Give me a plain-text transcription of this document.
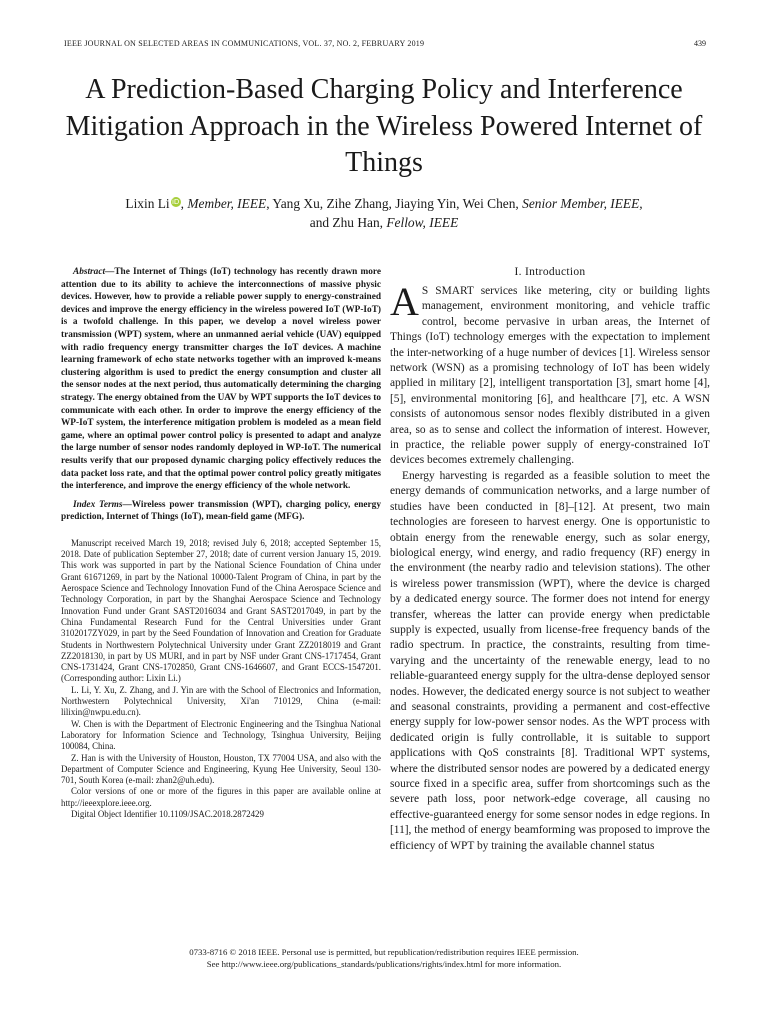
IEEE JOURNAL ON SELECTED AREAS IN COMMUNICATIONS, VOL. 37, NO. 2, FEBRUARY 2019	439
A Prediction-Based Charging Policy and Interference Mitigation Approach in the Wireless Powered Internet of Things
Lixin Li iD, Member, IEEE, Yang Xu, Zihe Zhang, Jiaying Yin, Wei Chen, Senior Member, IEEE,
and Zhu Han, Fellow, IEEE

Abstract—The Internet of Things (IoT) technology has recently drawn more attention due to its ability to achieve the interconnections of massive physic devices. However, how to provide a reliable power supply to energy-constrained devices and improve the energy efficiency in the wireless powered IoT (WP-IoT) is a twofold challenge. In this paper, we develop a novel wireless power transmission (WPT) system, where an unmanned aerial vehicle (UAV) equipped with radio frequency energy transmitter charges the IoT devices. A machine learning framework of echo state networks together with an improved k-means clustering algorithm is used to predict the energy consumption and cluster all the sensor nodes at the next period, thus automatically determining the charging strategy. The energy obtained from the UAV by WPT supports the IoT devices to communicate with each other. In order to improve the energy efficiency of the WP-IoT system, the interference mitigation problem is modeled as a mean field game, where an optimal power control policy is presented to adapt and analyze the large number of sensor nodes randomly deployed in WP-IoT. The numerical results verify that our proposed dynamic charging policy effectively reduces the data packet loss rate, and that the optimal power control policy greatly mitigates the interference, and improve the energy efficiency of the whole network.

Index Terms—Wireless power transmission (WPT), charging policy, energy prediction, Internet of Things (IoT), mean-field game (MFG).

Manuscript received March 19, 2018; revised July 6, 2018; accepted September 15, 2018. Date of publication September 27, 2018; date of current version January 15, 2019. This work was supported in part by the National Science Foundation of China under Grant 61671269, in part by the National 10000-Talent Program of China, in part by the Aerospace Science and Technology Innovation Fund of the China Aerospace Science and Technology Corporation, in part by the Shanghai Aerospace Science and Technology Innovation Fund under Grant SAST2016034 and Grant SAST2017049, in part by the China Fundamental Research Fund for the Central Universities under Grant 3102017ZY029, in part by the Seed Foundation of Innovation and Creation for Graduate Students in Northwestern Polytechnical University under Grant ZZ2018019 and Grant ZZ2018130, in part by US MURI, and in part by NSF under Grant CNS-1717454, Grant CNS-1731424, Grant CNS-1702850, Grant CNS-1646607, and Grant ECCS-1547201. (Corresponding author: Lixin Li.)

L. Li, Y. Xu, Z. Zhang, and J. Yin are with the School of Electronics and Information, Northwestern Polytechnical University, Xi'an 710129, China (e-mail: lilixin@nwpu.edu.cn).

W. Chen is with the Department of Electronic Engineering and the Tsinghua National Laboratory for Information Science and Technology, Tsinghua University, Beijing 100084, China.

Z. Han is with the University of Houston, Houston, TX 77004 USA, and also with the Department of Computer Science and Engineering, Kyung Hee University, Seoul 130-701, South Korea (e-mail: zhan2@uh.edu).

Color versions of one or more of the figures in this paper are available online at http://ieeexplore.ieee.org.

Digital Object Identifier 10.1109/JSAC.2018.2872429

I. Introduction

A S SMART services like metering, city or building lights management, environment monitoring, and vehicle traffic control, become pervasive in urban areas, the Internet of Things (IoT) technology emerges with the expectation to implement the inter-networking of a huge number of devices [1]. Wireless sensor network (WSN) as a promising technology of IoT has been widely applied in military [2], intelligent transportation [3], smart home [4], [5], environmental monitoring [6], and healthcare [7], etc. A WSN consists of autonomous sensor nodes flexibly distributed in a given area, so as to sense and collect the information of interest. However, in practice, the reliable power supply of energy-constrained IoT devices becomes extremely challenging.

Energy harvesting is regarded as a feasible solution to meet the energy demands of communication networks, and a large number of studies have been conducted in [8]–[12]. At present, two main technologies are foreseen to harvest energy. One is opportunistic to obtain energy from the renewable energy, such as solar energy, biological energy, wind energy, and radio frequency (RF) energy in the environment (the nearby radio and television stations). The other is wireless power transmission (WPT), where the device is charged by a dedicated energy source. The former does not intend for energy transfer, whereas the latter can provide energy when predictable supply is expected, usually from license-free frequency bands of the radio spectrum. In practice, the constraints, resulting from time-varying and the uncertainty of the renewable energy, lead to no reliable-guaranteed energy supply for the ultra-dense deployed sensor nodes. However, the dedicated energy source is not subject to weather and seasonal constraints, providing a permanent and cost-effective energy supply for low-power sensor nodes. As the WPT process with dedicated origin is fully controllable, it is suitable to support applications with QoS constraints [8]. Traditional WPT systems, where the distributed sensor nodes are powered by a dedicated energy source fixed in a specific area, suffer from shortcomings such as the severe path loss, poor network-edge coverage, all causing no effective-guaranteed energy for some sensor nodes in edge regions. In [11], the method of energy beamforming was proposed to improve the efficiency of WPT by training the available channel status

0733-8716 © 2018 IEEE. Personal use is permitted, but republication/redistribution requires IEEE permission.
See http://www.ieee.org/publications_standards/publications/rights/index.html for more information.
